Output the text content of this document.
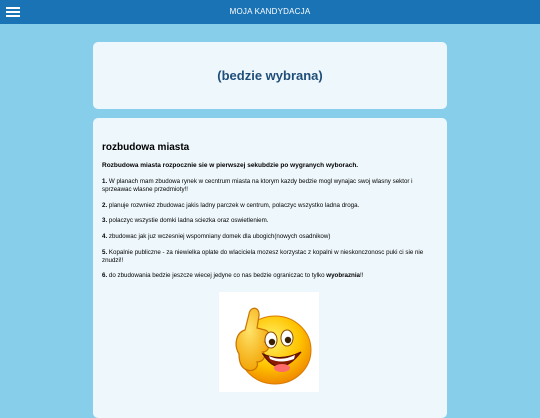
MOJA KANDYDACJA
(bedzie wybrana)
rozbudowa miasta
Rozbudowa miasta rozpocznie sie w pierwszej sekubdzie po wygranych wyborach.
1. W planach mam zbudowa rynek w cecntrum miasta na ktorym kazdy bedzie mogl wynajac swoj wlasny sektor i sprzeawac wlasne przedmioty!!
2. planuje rozwniez zbudowac jakis ladny parczek w centrum, polaczyc wszystko ladna droga.
3. polaczyc wszystie domki ladna sciezka oraz oswietleniem.
4. zbudowac jak juz wczesniej wspomniany domek dla ubogich(nowych osadnikow)
5. Kopalnie publiczne - za niewielka oplate do wlaciciela mozesz korzystac z kopalni w nieskonczonosc puki ci sie nie znudzi!!
6. do zbudowania bedzie jeszcze wiecej jedyne co nas bedzie ograniczac to tylko wyobraznia!!
